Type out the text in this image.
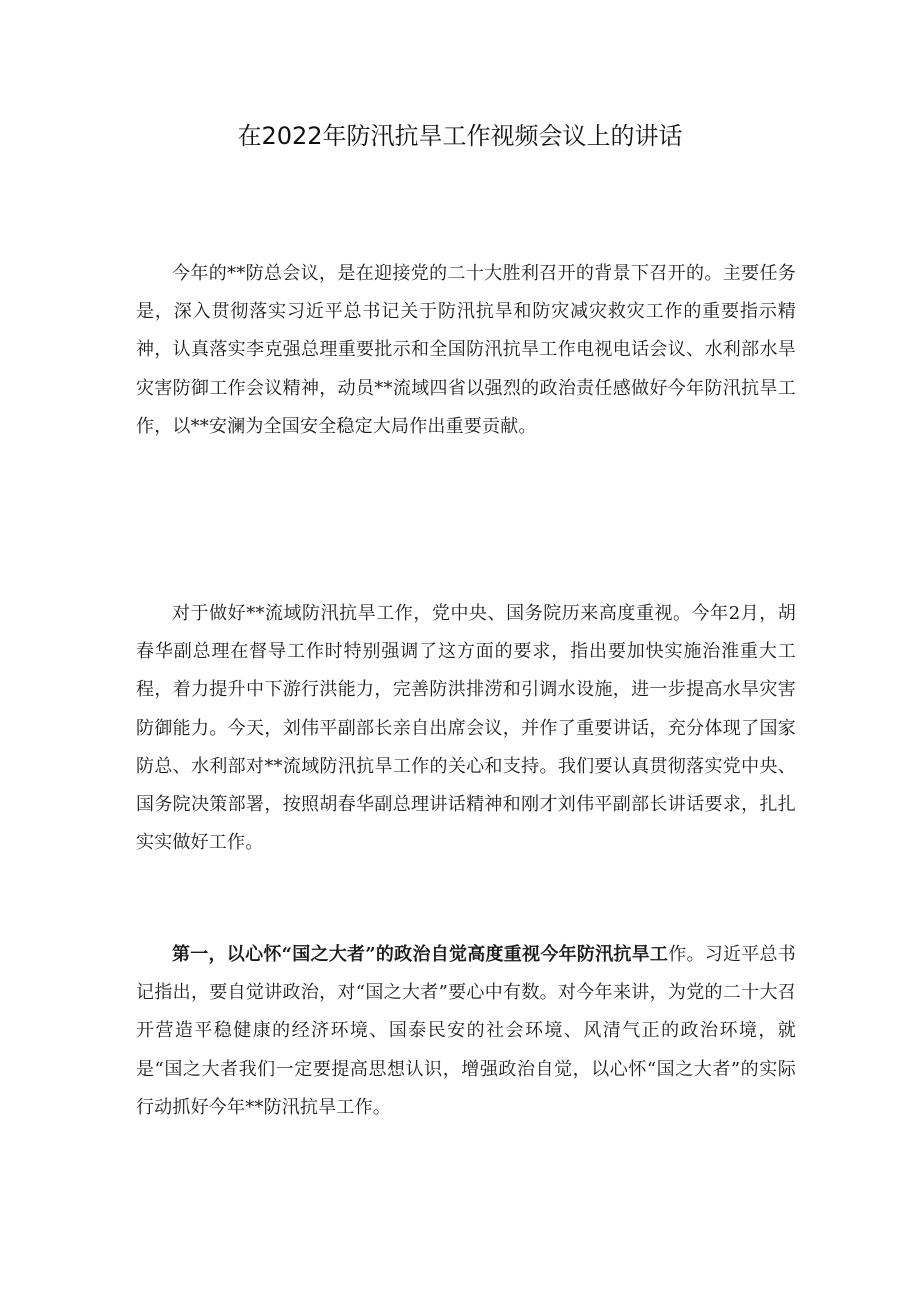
在2022年防汛抗旱工作视频会议上的讲话

今年的**防总会议，是在迎接党的二十大胜利召开的背景下召开的。主要任务是，深入贯彻落实习近平总书记关于防汛抗旱和防灾减灾救灾工作的重要指示精神，认真落实李克强总理重要批示和全国防汛抗旱工作电视电话会议、水利部水旱灾害防御工作会议精神，动员**流域四省以强烈的政治责任感做好今年防汛抗旱工作，以**安澜为全国安全稳定大局作出重要贡献。

对于做好**流域防汛抗旱工作，党中央、国务院历来高度重视。今年2月，胡春华副总理在督导工作时特别强调了这方面的要求，指出要加快实施治淮重大工程，着力提升中下游行洪能力，完善防洪排涝和引调水设施，进一步提高水旱灾害防御能力。今天，刘伟平副部长亲自出席会议，并作了重要讲话，充分体现了国家防总、水利部对**流域防汛抗旱工作的关心和支持。我们要认真贯彻落实党中央、国务院决策部署，按照胡春华副总理讲话精神和刚才刘伟平副部长讲话要求，扎扎实实做好工作。

第一，以心怀“国之大者”的政治自觉高度重视今年防汛抗旱工作。习近平总书记指出，要自觉讲政治，对“国之大者”要心中有数。对今年来讲，为党的二十大召开营造平稳健康的经济环境、国泰民安的社会环境、风清气正的政治环境，就是“国之大者我们一定要提高思想认识，增强政治自觉，以心怀“国之大者”的实际行动抓好今年**防汛抗旱工作。
